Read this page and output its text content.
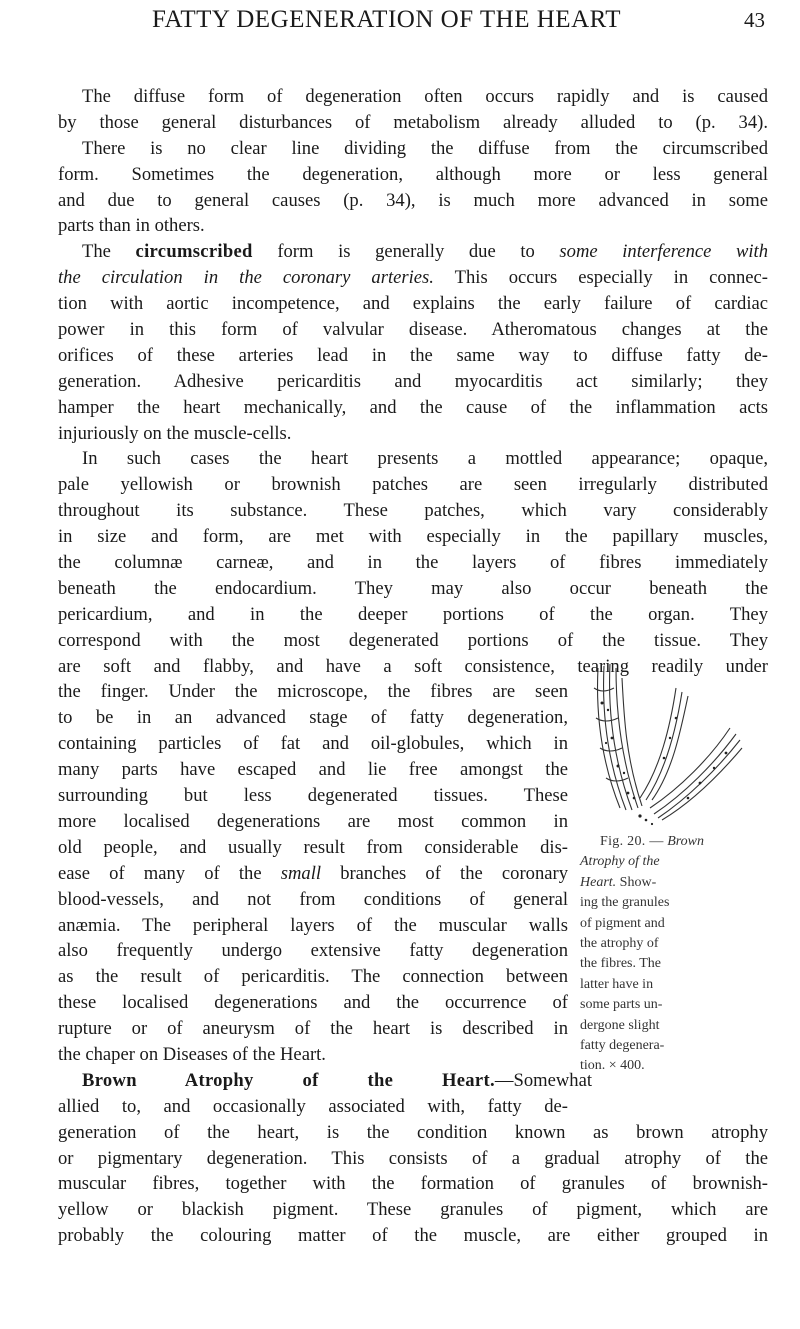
FATTY DEGENERATION OF THE HEART	43
The diffuse form of degeneration often occurs rapidly and is caused
by those general disturbances of metabolism already alluded to (p. 34).
There is no clear line dividing the diffuse from the circumscribed
form. Sometimes the degeneration, although more or less general
and due to general causes (p. 34), is much more advanced in some
parts than in others.
The circumscribed form is generally due to some interference with
the circulation in the coronary arteries. This occurs especially in connec-
tion with aortic incompetence, and explains the early failure of cardiac
power in this form of valvular disease. Atheromatous changes at the
orifices of these arteries lead in the same way to diffuse fatty de-
generation. Adhesive pericarditis and myocarditis act similarly; they
hamper the heart mechanically, and the cause of the inflammation acts
injuriously on the muscle-cells.
In such cases the heart presents a mottled appearance; opaque,
pale yellowish or brownish patches are seen irregularly distributed
throughout its substance. These patches, which vary considerably
in size and form, are met with especially in the papillary muscles,
the columnæ carneæ, and in the layers of fibres immediately
beneath the endocardium. They may also occur beneath the
pericardium, and in the deeper portions of the organ. They
correspond with the most degenerated portions of the tissue. They
are soft and flabby, and have a soft consistence, tearing readily under
the finger. Under the microscope, the fibres are seen
to be in an advanced stage of fatty degeneration,
containing particles of fat and oil-globules, which in
many parts have escaped and lie free amongst the
surrounding but less degenerated tissues. These
more localised degenerations are most common in
old people, and usually result from considerable dis-
ease of many of the small branches of the coronary
blood-vessels, and not from conditions of general
anæmia. The peripheral layers of the muscular walls
also frequently undergo extensive fatty degeneration
as the result of pericarditis. The connection between
these localised degenerations and the occurrence of
rupture or of aneurysm of the heart is described in
the chaper on Diseases of the Heart.
Brown Atrophy of the Heart.—Somewhat
allied to, and occasionally associated with, fatty de-
generation of the heart, is the condition known as brown atrophy
or pigmentary degeneration. This consists of a gradual atrophy of the
muscular fibres, together with the formation of granules of brownish-
yellow or blackish pigment. These granules of pigment, which are
probably the colouring matter of the muscle, are either grouped in
Fig. 20. — Brown
Atrophy of the
Heart. Show-
ing the granules
of pigment and
the atrophy of
the fibres. The
latter have in
some parts un-
dergone slight
fatty degenera-
tion. × 400.
